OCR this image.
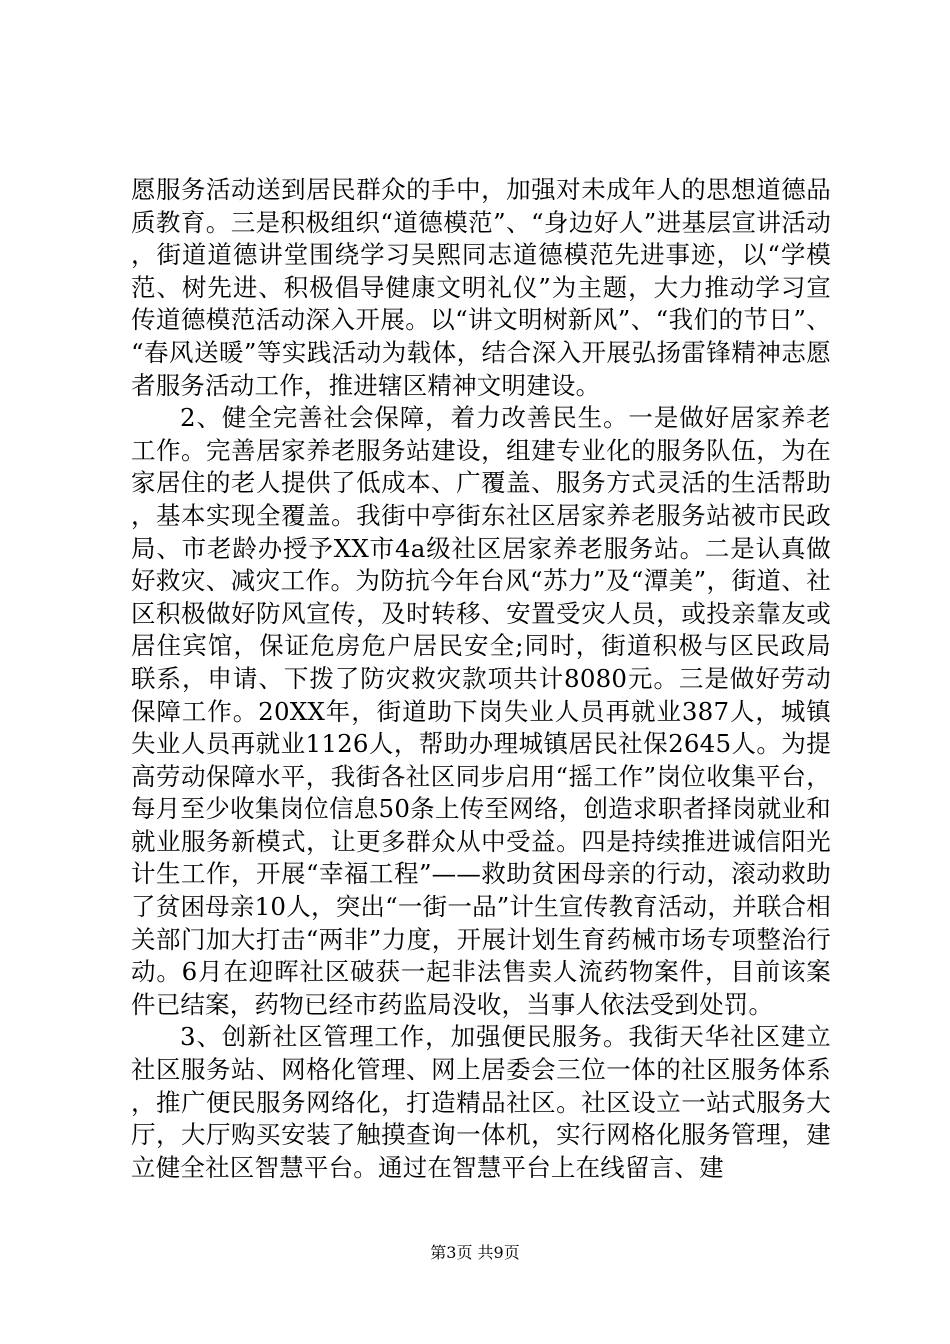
愿服务活动送到居民群众的手中，加强对未成年人的思想道德品质教育。三是积极组织“道德模范”、“身边好人”进基层宣讲活动，街道道德讲堂围绕学习吴熙同志道德模范先进事迹，以“学模范、树先进、积极倡导健康文明礼仪”为主题，大力推动学习宣传道德模范活动深入开展。以“讲文明树新风”、“我们的节日”、“春风送暖”等实践活动为载体，结合深入开展弘扬雷锋精神志愿者服务活动工作，推进辖区精神文明建设。

2、健全完善社会保障，着力改善民生。一是做好居家养老工作。完善居家养老服务站建设，组建专业化的服务队伍，为在家居住的老人提供了低成本、广覆盖、服务方式灵活的生活帮助，基本实现全覆盖。我街中亭街东社区居家养老服务站被市民政局、市老龄办授予XX市4a级社区居家养老服务站。二是认真做好救灾、减灾工作。为防抗今年台风“苏力”及“潭美”，街道、社区积极做好防风宣传，及时转移、安置受灾人员，或投亲靠友或居住宾馆，保证危房危户居民安全;同时，街道积极与区民政局联系，申请、下拨了防灾救灾款项共计8080元。三是做好劳动保障工作。20XX年，街道助下岗失业人员再就业387人，城镇失业人员再就业1126人，帮助办理城镇居民社保2645人。为提高劳动保障水平，我街各社区同步启用“摇工作”岗位收集平台，每月至少收集岗位信息50条上传至网络，创造求职者择岗就业和就业服务新模式，让更多群众从中受益。四是持续推进诚信阳光计生工作，开展“幸福工程”——救助贫困母亲的行动，滚动救助了贫困母亲10人，突出“一街一品”计生宣传教育活动，并联合相关部门加大打击“两非”力度，开展计划生育药械市场专项整治行动。6月在迎晖社区破获一起非法售卖人流药物案件，目前该案件已结案，药物已经市药监局没收，当事人依法受到处罚。

3、创新社区管理工作，加强便民服务。我街天华社区建立社区服务站、网格化管理、网上居委会三位一体的社区服务体系，推广便民服务网络化，打造精品社区。社区设立一站式服务大厅，大厅购买安装了触摸查询一体机，实行网格化服务管理，建立健全社区智慧平台。通过在智慧平台上在线留言、建

第3页 共9页
